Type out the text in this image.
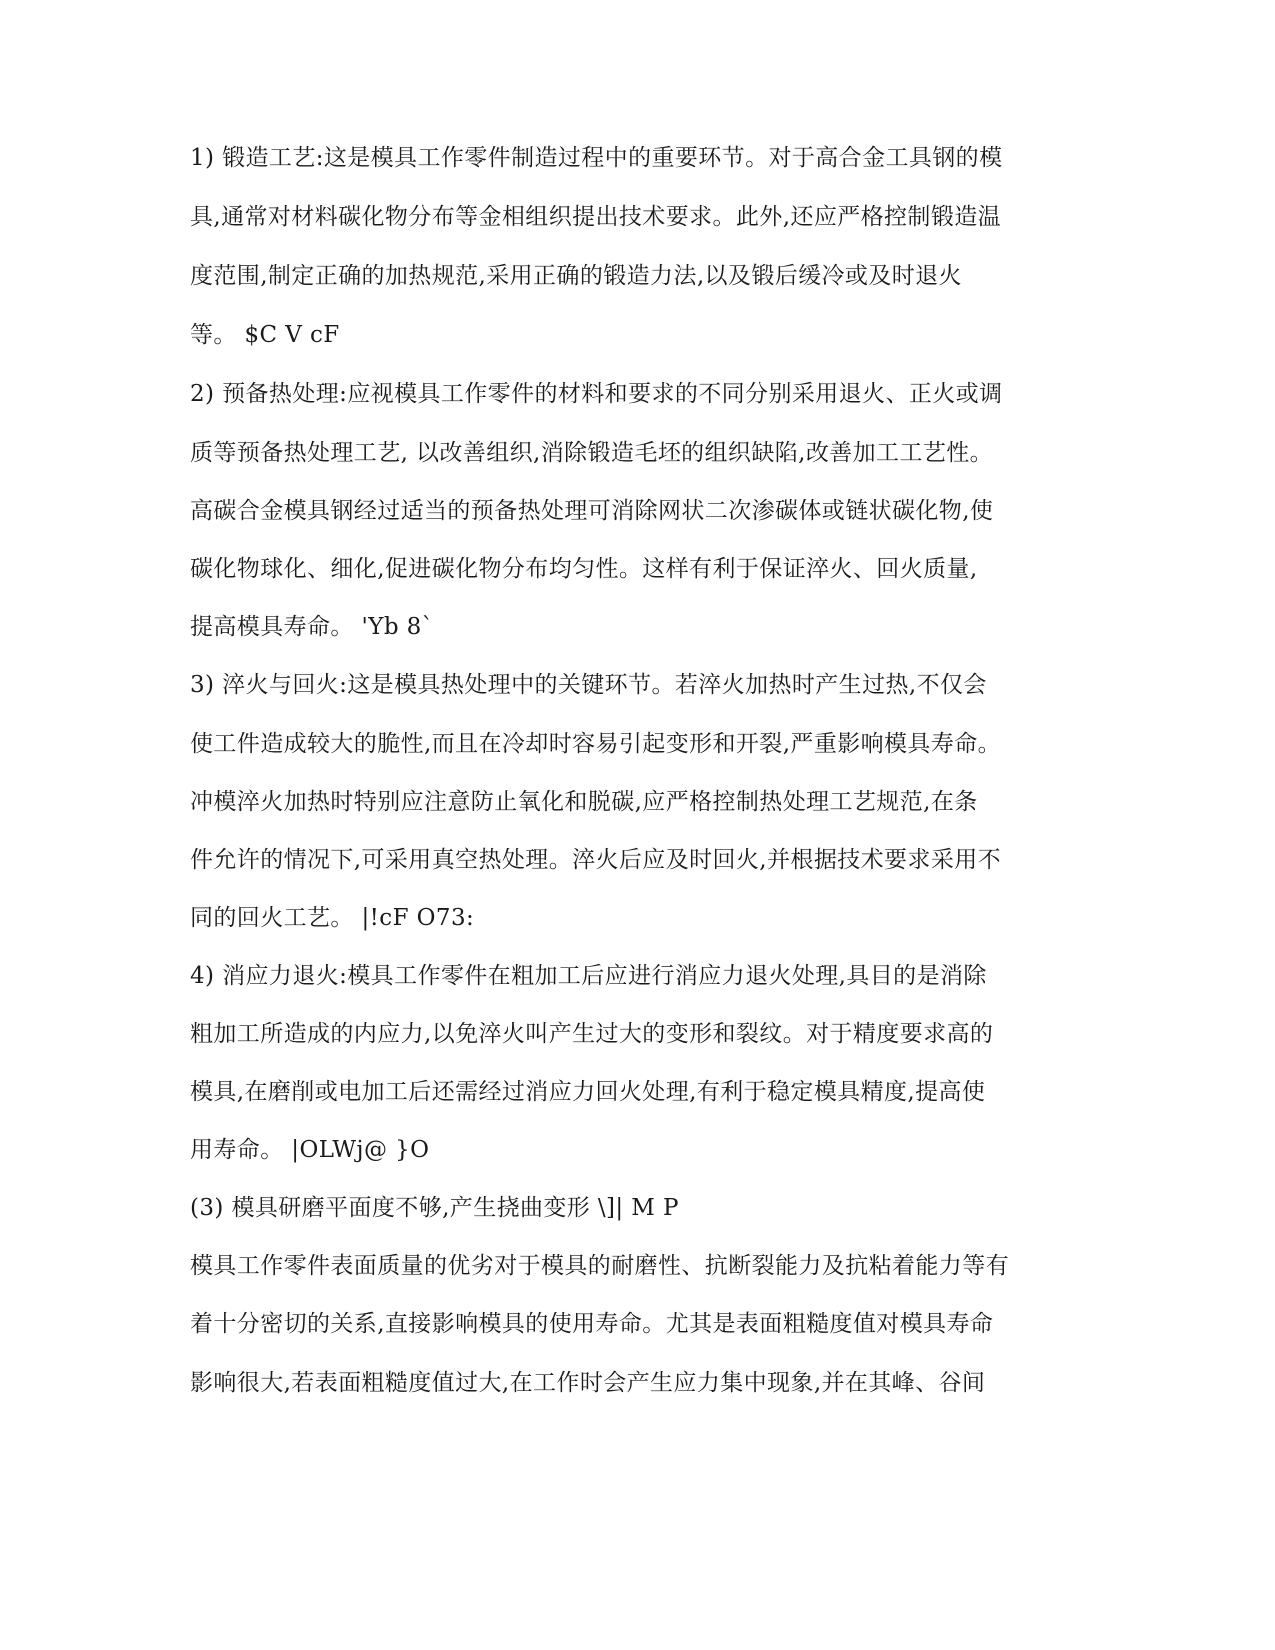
1) 锻造工艺:这是模具工作零件制造过程中的重要环节。对于高合金工具钢的模
具,通常对材料碳化物分布等金相组织提出技术要求。此外,还应严格控制锻造温
度范围,制定正确的加热规范,采用正确的锻造力法,以及锻后缓冷或及时退火
等。 $C V cF
2) 预备热处理:应视模具工作零件的材料和要求的不同分别采用退火、正火或调
质等预备热处理工艺, 以改善组织,消除锻造毛坯的组织缺陷,改善加工工艺性。
高碳合金模具钢经过适当的预备热处理可消除网状二次渗碳体或链状碳化物,使
碳化物球化、细化,促进碳化物分布均匀性。这样有利于保证淬火、回火质量,
提高模具寿命。 'Yb 8`
3) 淬火与回火:这是模具热处理中的关键环节。若淬火加热时产生过热,不仅会
使工件造成较大的脆性,而且在冷却时容易引起变形和开裂,严重影响模具寿命。
冲模淬火加热时特别应注意防止氧化和脱碳,应严格控制热处理工艺规范,在条
件允许的情况下,可采用真空热处理。淬火后应及时回火,并根据技术要求采用不
同的回火工艺。 |!cF O73:
4) 消应力退火:模具工作零件在粗加工后应进行消应力退火处理,具目的是消除
粗加工所造成的内应力,以免淬火叫产生过大的变形和裂纹。对于精度要求高的
模具,在磨削或电加工后还需经过消应力回火处理,有利于稳定模具精度,提高使
用寿命。 |OLWj@ }O
(3) 模具研磨平面度不够,产生挠曲变形 \]| M P
模具工作零件表面质量的优劣对于模具的耐磨性、抗断裂能力及抗粘着能力等有
着十分密切的关系,直接影响模具的使用寿命。尤其是表面粗糙度值对模具寿命
影响很大,若表面粗糙度值过大,在工作时会产生应力集中现象,并在其峰、谷间
